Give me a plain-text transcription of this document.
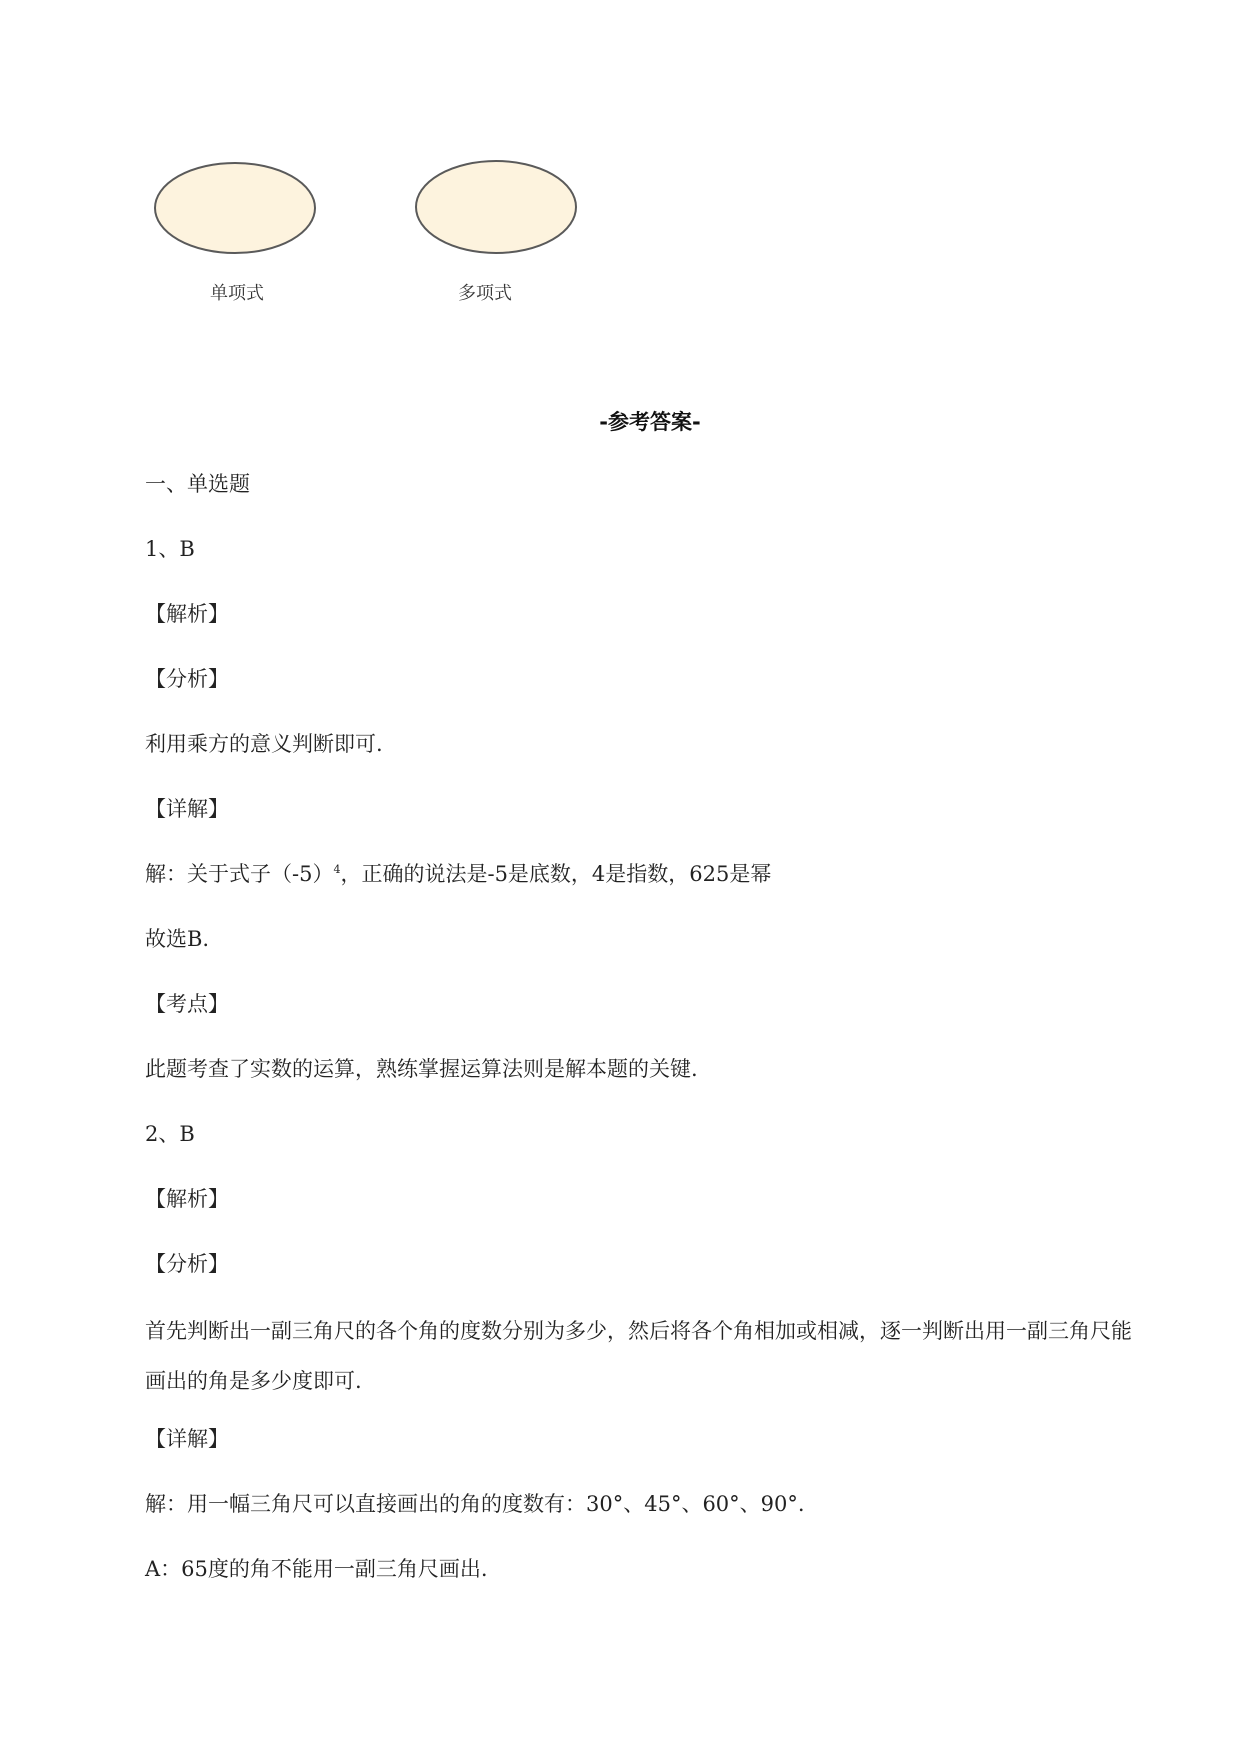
单项式	多项式
-参考答案-
一、单选题
1、B
【解析】
【分析】
利用乘方的意义判断即可.
【详解】
解：关于式子$(-5)^4$，正确的说法是-5是底数，4是指数，625是幂
故选B.
【考点】
此题考查了实数的运算，熟练掌握运算法则是解本题的关键.
2、B
【解析】
【分析】
首先判断出一副三角尺的各个角的度数分别为多少，然后将各个角相加或相减，逐一判断出用一副三角尺能画出的角是多少度即可.
【详解】
解：用一幅三角尺可以直接画出的角的度数有：30°、45°、60°、90°.
A：65度的角不能用一副三角尺画出.
